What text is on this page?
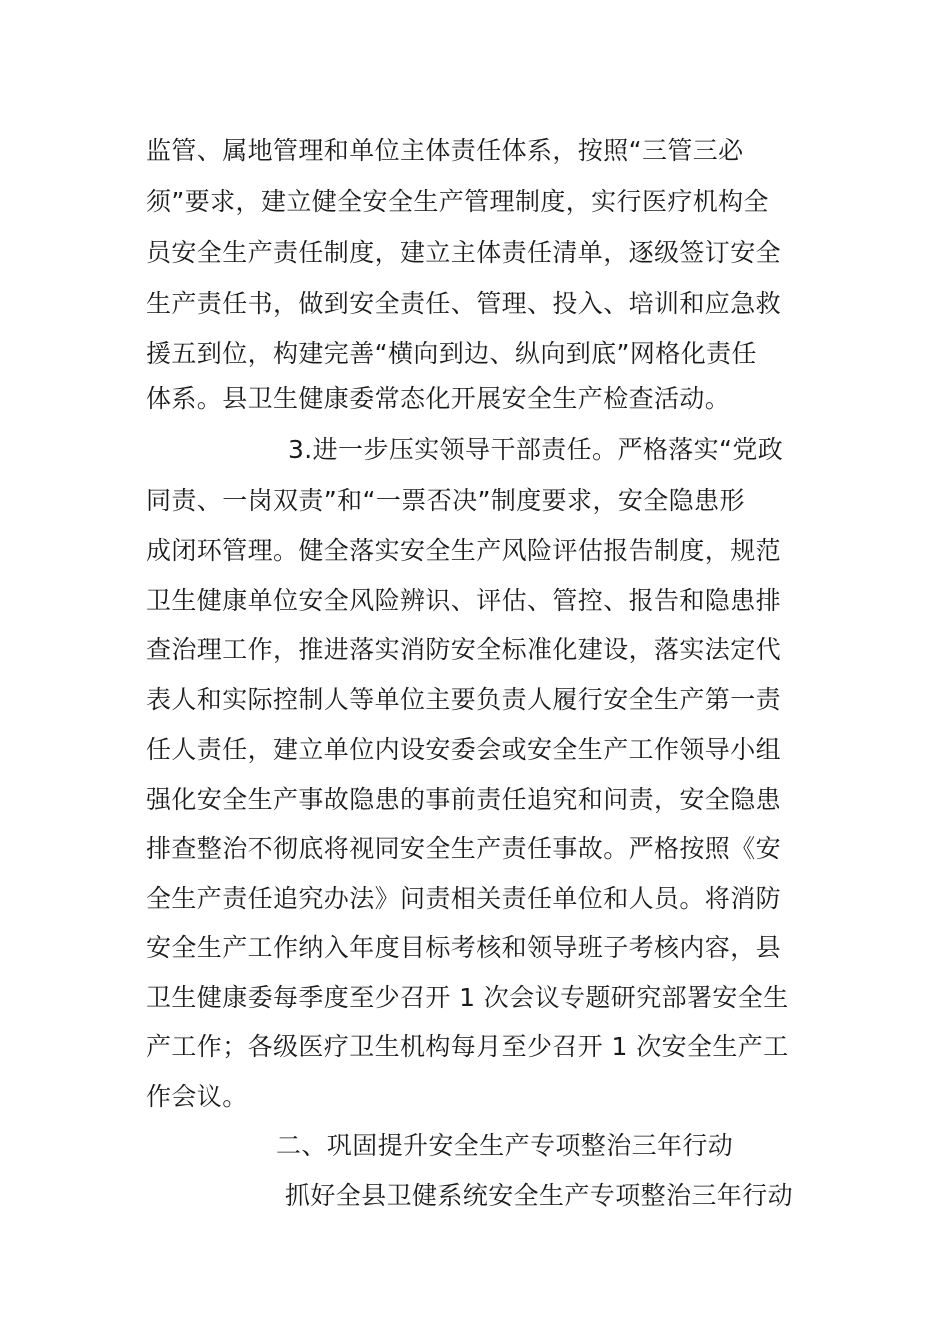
监管、属地管理和单位主体责任体系，按照“三管三必
须”要求，建立健全安全生产管理制度，实行医疗机构全
员安全生产责任制度，建立主体责任清单，逐级签订安全
生产责任书，做到安全责任、管理、投入、培训和应急救
援五到位，构建完善“横向到边、纵向到底”网格化责任
体系。县卫生健康委常态化开展安全生产检查活动。
3.进一步压实领导干部责任。严格落实“党政
同责、一岗双责”和“一票否决”制度要求，安全隐患形
成闭环管理。健全落实安全生产风险评估报告制度，规范
卫生健康单位安全风险辨识、评估、管控、报告和隐患排
查治理工作，推进落实消防安全标准化建设，落实法定代
表人和实际控制人等单位主要负责人履行安全生产第一责
任人责任，建立单位内设安委会或安全生产工作领导小组
强化安全生产事故隐患的事前责任追究和问责，安全隐患
排查整治不彻底将视同安全生产责任事故。严格按照《安
全生产责任追究办法》问责相关责任单位和人员。将消防
安全生产工作纳入年度目标考核和领导班子考核内容，县
卫生健康委每季度至少召开 1 次会议专题研究部署安全生
产工作；各级医疗卫生机构每月至少召开 1 次安全生产工
作会议。
二、巩固提升安全生产专项整治三年行动
抓好全县卫健系统安全生产专项整治三年行动
